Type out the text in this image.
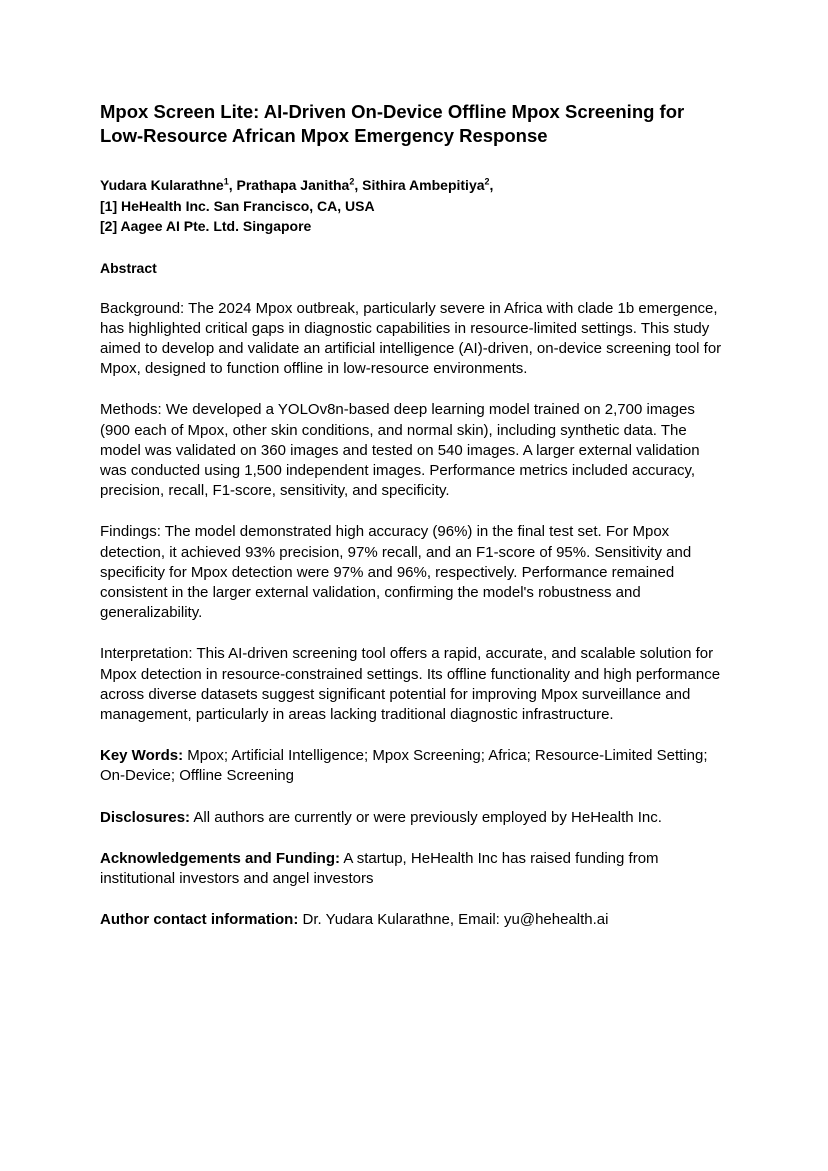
Mpox Screen Lite: AI-Driven On-Device Offline Mpox Screening for Low-Resource African Mpox Emergency Response
Yudara Kularathne$^1$, Prathapa Janitha$^2$, Sithira Ambepitiya$^2$,
[1] HeHealth Inc. San Francisco, CA, USA
[2] Aagee AI Pte. Ltd. Singapore
Abstract

Background: The 2024 Mpox outbreak, particularly severe in Africa with clade 1b emergence, has highlighted critical gaps in diagnostic capabilities in resource-limited settings. This study aimed to develop and validate an artificial intelligence (AI)-driven, on-device screening tool for Mpox, designed to function offline in low-resource environments.

Methods: We developed a YOLOv8n-based deep learning model trained on 2,700 images (900 each of Mpox, other skin conditions, and normal skin), including synthetic data. The model was validated on 360 images and tested on 540 images. A larger external validation was conducted using 1,500 independent images. Performance metrics included accuracy, precision, recall, F1-score, sensitivity, and specificity.

Findings: The model demonstrated high accuracy (96%) in the final test set. For Mpox detection, it achieved 93% precision, 97% recall, and an F1-score of 95%. Sensitivity and specificity for Mpox detection were 97% and 96%, respectively. Performance remained consistent in the larger external validation, confirming the model's robustness and generalizability.

Interpretation: This AI-driven screening tool offers a rapid, accurate, and scalable solution for Mpox detection in resource-constrained settings. Its offline functionality and high performance across diverse datasets suggest significant potential for improving Mpox surveillance and management, particularly in areas lacking traditional diagnostic infrastructure.

Key Words: Mpox; Artificial Intelligence; Mpox Screening; Africa; Resource-Limited Setting; On-Device; Offline Screening

Disclosures: All authors are currently or were previously employed by HeHealth Inc.

Acknowledgements and Funding: A startup, HeHealth Inc has raised funding from institutional investors and angel investors

Author contact information: Dr. Yudara Kularathne, Email: yu@hehealth.ai
